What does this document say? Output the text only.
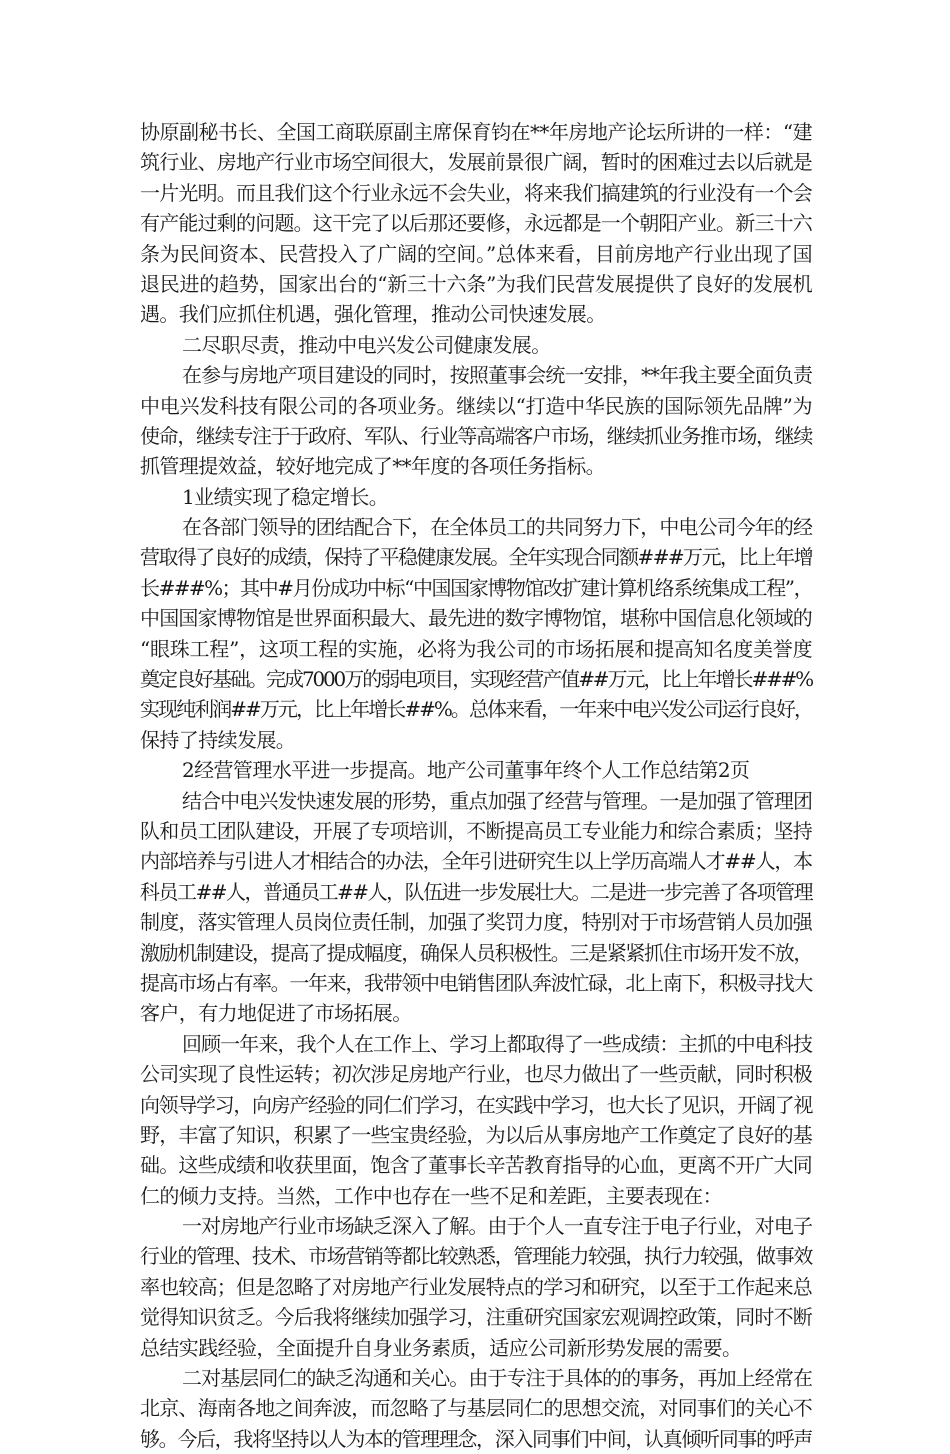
协原副秘书长、全国工商联原副主席保育钧在**年房地产论坛所讲的一样：“建
筑行业、房地产行业市场空间很大，发展前景很广阔，暂时的困难过去以后就是
一片光明。而且我们这个行业永远不会失业，将来我们搞建筑的行业没有一个会
有产能过剩的问题。这干完了以后那还要修，永远都是一个朝阳产业。新三十六
条为民间资本、民营投入了广阔的空间。”总体来看，目前房地产行业出现了国
退民进的趋势，国家出台的“新三十六条”为我们民营发展提供了良好的发展机
遇。我们应抓住机遇，强化管理，推动公司快速发展。
二尽职尽责，推动中电兴发公司健康发展。
在参与房地产项目建设的同时，按照董事会统一安排，**年我主要全面负责
中电兴发科技有限公司的各项业务。继续以“打造中华民族的国际领先品牌”为
使命，继续专注于于政府、军队、行业等高端客户市场，继续抓业务推市场，继续
抓管理提效益，较好地完成了**年度的各项任务指标。
1业绩实现了稳定增长。
在各部门领导的团结配合下，在全体员工的共同努力下，中电公司今年的经
营取得了良好的成绩，保持了平稳健康发展。全年实现合同额###万元，比上年增
长###%；其中#月份成功中标“中国国家博物馆改扩建计算机络系统集成工程”，
中国国家博物馆是世界面积最大、最先进的数字博物馆，堪称中国信息化领域的
“眼珠工程”，这项工程的实施，必将为我公司的市场拓展和提高知名度美誉度
奠定良好基础。完成7000万的弱电项目，实现经营产值##万元，比上年增长###%
实现纯利润##万元，比上年增长##%。总体来看，一年来中电兴发公司运行良好，
保持了持续发展。
2经营管理水平进一步提高。地产公司董事年终个人工作总结第2页
结合中电兴发快速发展的形势，重点加强了经营与管理。一是加强了管理团
队和员工团队建设，开展了专项培训，不断提高员工专业能力和综合素质；坚持
内部培养与引进人才相结合的办法，全年引进研究生以上学历高端人才##人，本
科员工##人，普通员工##人，队伍进一步发展壮大。二是进一步完善了各项管理
制度，落实管理人员岗位责任制，加强了奖罚力度，特别对于市场营销人员加强
激励机制建设，提高了提成幅度，确保人员积极性。三是紧紧抓住市场开发不放，
提高市场占有率。一年来，我带领中电销售团队奔波忙碌，北上南下，积极寻找大
客户，有力地促进了市场拓展。
回顾一年来，我个人在工作上、学习上都取得了一些成绩：主抓的中电科技
公司实现了良性运转；初次涉足房地产行业，也尽力做出了一些贡献，同时积极
向领导学习，向房产经验的同仁们学习，在实践中学习，也大长了见识，开阔了视
野，丰富了知识，积累了一些宝贵经验，为以后从事房地产工作奠定了良好的基
础。这些成绩和收获里面，饱含了董事长辛苦教育指导的心血，更离不开广大同
仁的倾力支持。当然，工作中也存在一些不足和差距，主要表现在：
一对房地产行业市场缺乏深入了解。由于个人一直专注于电子行业，对电子
行业的管理、技术、市场营销等都比较熟悉，管理能力较强，执行力较强，做事效
率也较高；但是忽略了对房地产行业发展特点的学习和研究，以至于工作起来总
觉得知识贫乏。今后我将继续加强学习，注重研究国家宏观调控政策，同时不断
总结实践经验，全面提升自身业务素质，适应公司新形势发展的需要。
二对基层同仁的缺乏沟通和关心。由于专注于具体的的事务，再加上经常在
北京、海南各地之间奔波，而忽略了与基层同仁的思想交流，对同事们的关心不
够。今后，我将坚持以人为本的管理理念，深入同事们中间，认真倾听同事的呼声
